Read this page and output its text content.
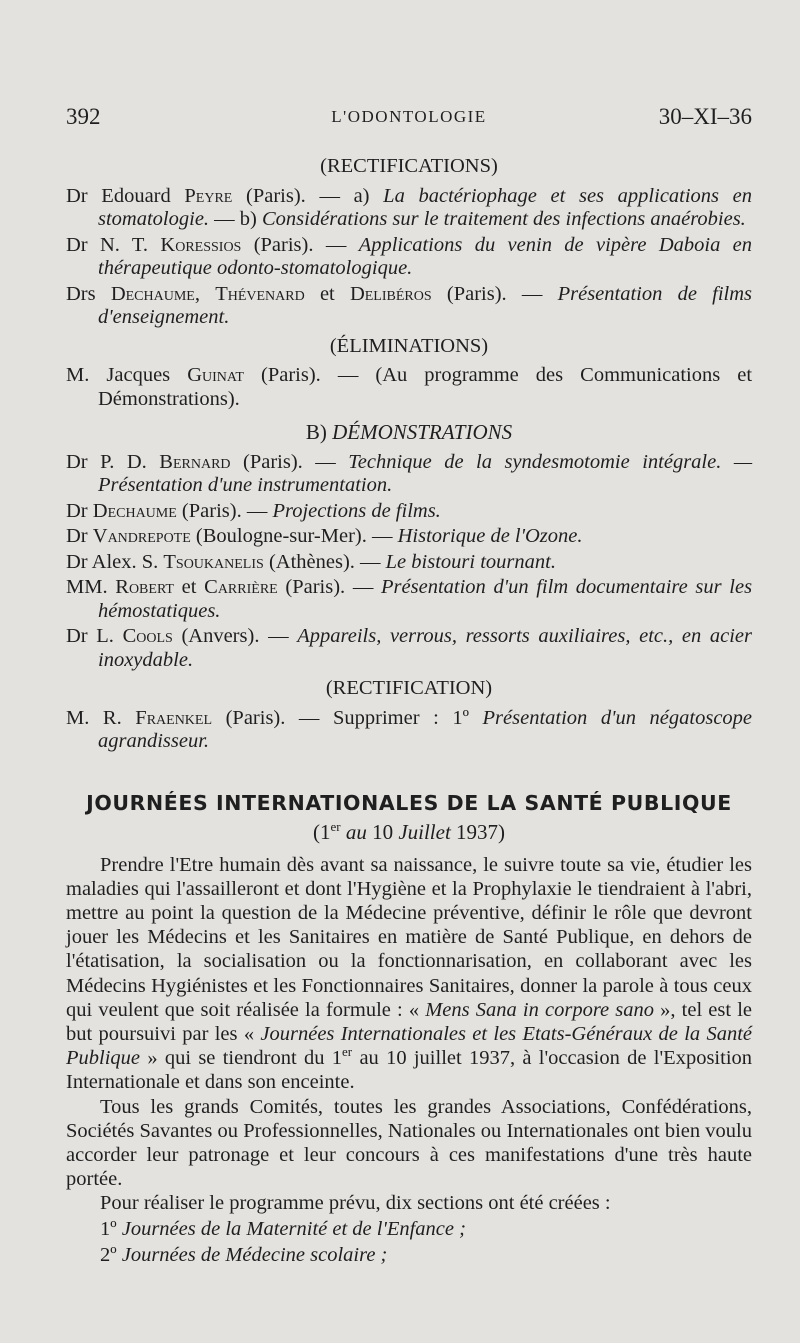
392	L'ODONTOLOGIE	30–XI–36

(RECTIFICATIONS)

Dr Edouard Peyre (Paris). — a) La bactériophage et ses applications en stomatologie. — b) Considérations sur le traitement des infections anaérobies.

Dr N. T. Koressios (Paris). — Applications du venin de vipère Daboia en thérapeutique odonto-stomatologique.

Drs Dechaume, Thévenard et Delibéros (Paris). — Présentation de films d'enseignement.

(ÉLIMINATIONS)

M. Jacques Guinat (Paris). — (Au programme des Communications et Démonstrations).

B) DÉMONSTRATIONS

Dr P. D. Bernard (Paris). — Technique de la syndesmotomie intégrale. — Présentation d'une instrumentation.

Dr Dechaume (Paris). — Projections de films.

Dr Vandrepote (Boulogne-sur-Mer). — Historique de l'Ozone.

Dr Alex. S. Tsoukanelis (Athènes). — Le bistouri tournant.

MM. Robert et Carrière (Paris). — Présentation d'un film documentaire sur les hémostatiques.

Dr L. Cools (Anvers). — Appareils, verrous, ressorts auxiliaires, etc., en acier inoxydable.

(RECTIFICATION)

M. R. Fraenkel (Paris). — Supprimer : 1º Présentation d'un négatoscope agrandisseur.

JOURNÉES INTERNATIONALES DE LA SANTÉ PUBLIQUE

(1er au 10 Juillet 1937)

Prendre l'Etre humain dès avant sa naissance, le suivre toute sa vie, étudier les maladies qui l'assailleront et dont l'Hygiène et la Prophylaxie le tiendraient à l'abri, mettre au point la question de la Médecine préventive, définir le rôle que devront jouer les Médecins et les Sanitaires en matière de Santé Publique, en dehors de l'étatisation, la socialisation ou la fonctionnarisation, en collaborant avec les Médecins Hygiénistes et les Fonctionnaires Sanitaires, donner la parole à tous ceux qui veulent que soit réalisée la formule : « Mens Sana in corpore sano », tel est le but poursuivi par les « Journées Internationales et les Etats-Généraux de la Santé Publique » qui se tiendront du 1er au 10 juillet 1937, à l'occasion de l'Exposition Internationale et dans son enceinte.

Tous les grands Comités, toutes les grandes Associations, Confédérations, Sociétés Savantes ou Professionnelles, Nationales ou Internationales ont bien voulu accorder leur patronage et leur concours à ces manifestations d'une très haute portée.

Pour réaliser le programme prévu, dix sections ont été créées :

1º Journées de la Maternité et de l'Enfance ;

2º Journées de Médecine scolaire ;
